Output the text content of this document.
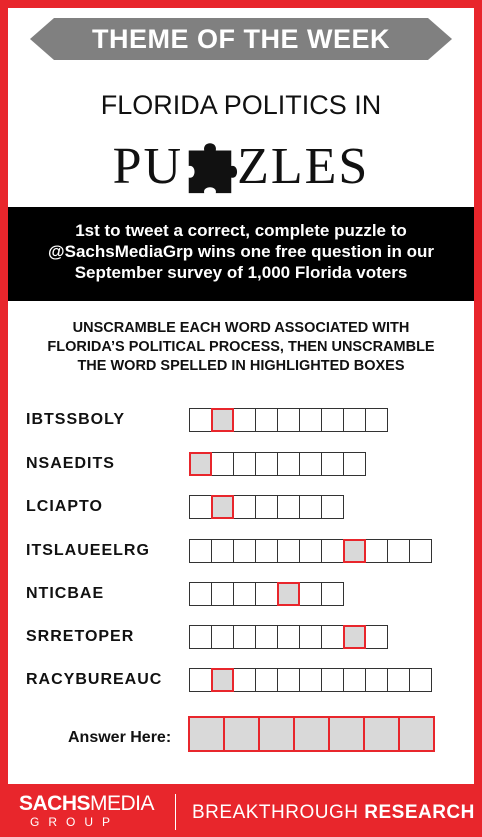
THEME OF THE WEEK
FLORIDA POLITICS IN
PU ZLES
1st to tweet a correct, complete puzzle to
@SachsMediaGrp wins one free question in our
September survey of 1,000 Florida voters
UNSCRAMBLE EACH WORD ASSOCIATED WITH
FLORIDA’S POLITICAL PROCESS, THEN UNSCRAMBLE
THE WORD SPELLED IN HIGHLIGHTED BOXES
IBTSSBOLY
NSAEDITS
LCIAPTO
ITSLAUEELRG
NTICBAE
SRRETOPER
RACYBUREAUC
Answer Here:
SACHSMEDIA
GROUP	BREAKTHROUGH RESEARCH
